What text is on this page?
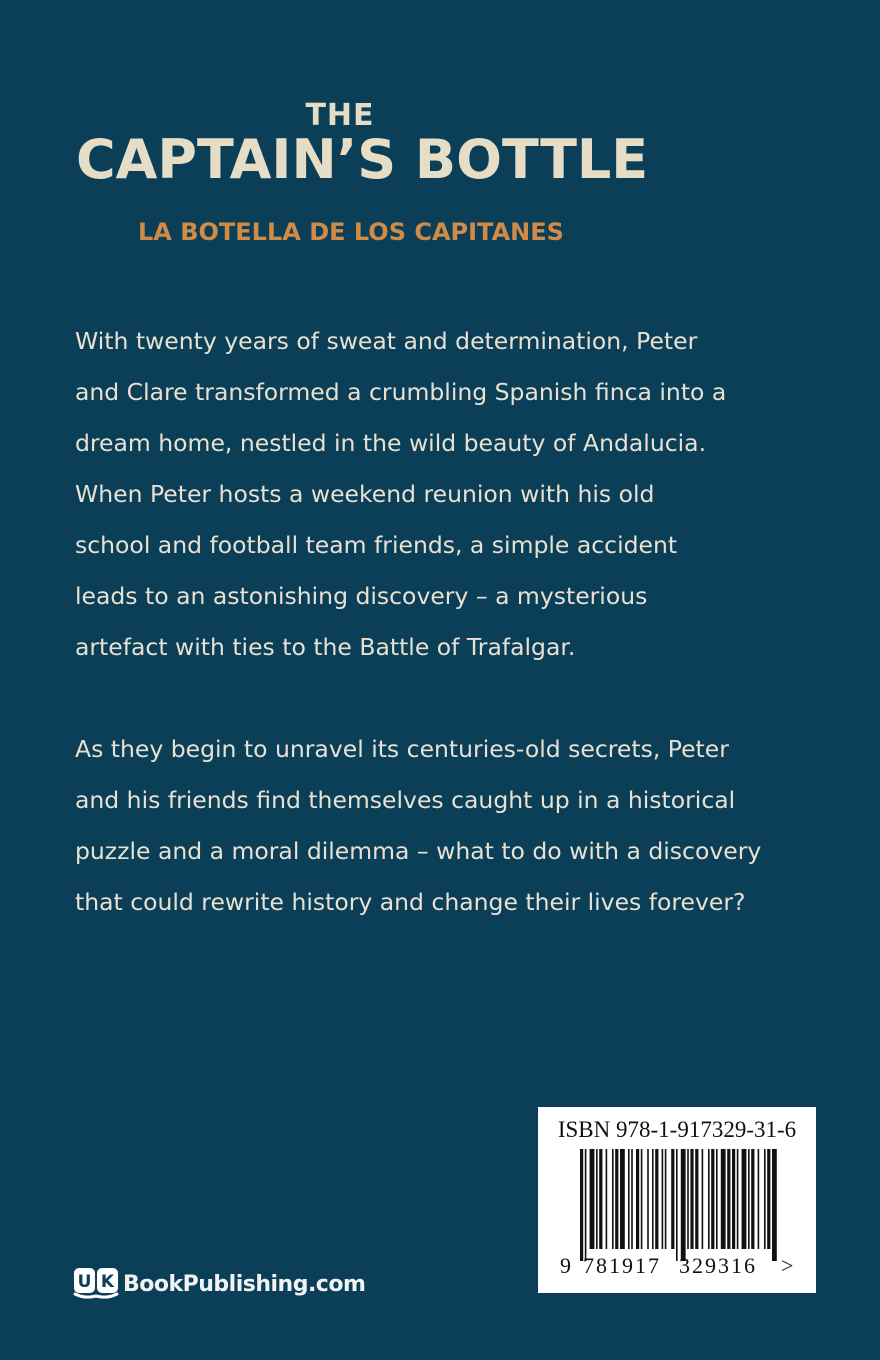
THE
CAPTAIN’S BOTTLE
LA BOTELLA DE LOS CAPITANES

With twenty years of sweat and determination, Peter
and Clare transformed a crumbling Spanish finca into a
dream home, nestled in the wild beauty of Andalucia.
When Peter hosts a weekend reunion with his old
school and football team friends, a simple accident
leads to an astonishing discovery – a mysterious
artefact with ties to the Battle of Trafalgar.

As they begin to unravel its centuries-old secrets, Peter
and his friends find themselves caught up in a historical
puzzle and a moral dilemma – what to do with a discovery
that could rewrite history and change their lives forever?

U K BookPublishing.com
ISBN 978-1-917329-31-6
9 781917 329316 >
